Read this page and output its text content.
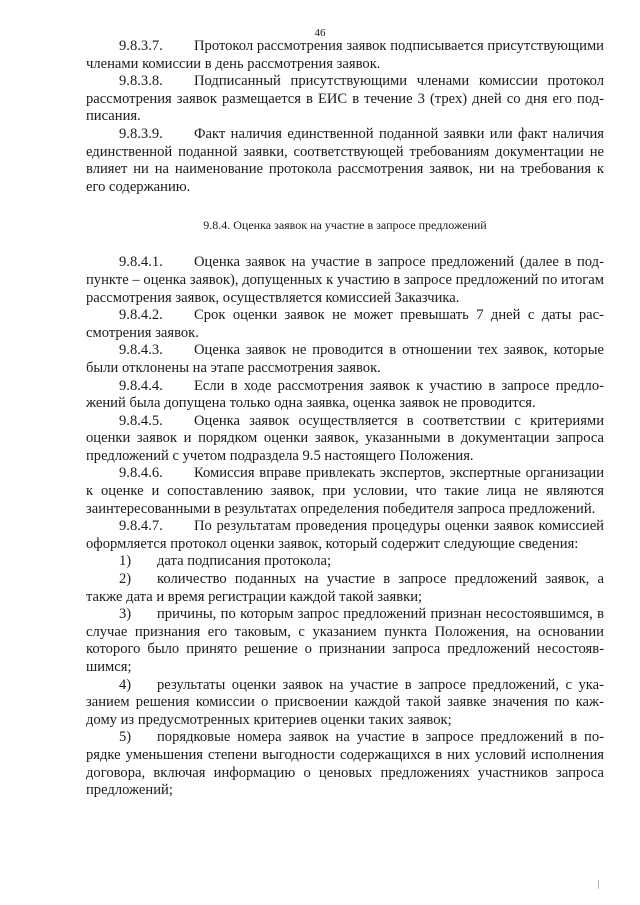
46

9.8.3.7. Протокол рассмотрения заявок подписывается присутствующими членами комиссии в день рассмотрения заявок.

9.8.3.8. Подписанный присутствующими членами комиссии протокол рассмотрения заявок размещается в ЕИС в течение 3 (трех) дней со дня его подписания.

9.8.3.9. Факт наличия единственной поданной заявки или факт наличия единственной поданной заявки, соответствующей требованиям документации не влияет ни на наименование протокола рассмотрения заявок, ни на требования к его содержанию.

9.8.4. Оценка заявок на участие в запросе предложений

9.8.4.1. Оценка заявок на участие в запросе предложений (далее в подпункте – оценка заявок), допущенных к участию в запросе предложений по итогам рассмотрения заявок, осуществляется комиссией Заказчика.

9.8.4.2. Срок оценки заявок не может превышать 7 дней с даты рассмотрения заявок.

9.8.4.3. Оценка заявок не проводится в отношении тех заявок, которые были отклонены на этапе рассмотрения заявок.

9.8.4.4. Если в ходе рассмотрения заявок к участию в запросе предложений была допущена только одна заявка, оценка заявок не проводится.

9.8.4.5. Оценка заявок осуществляется в соответствии с критериями оценки заявок и порядком оценки заявок, указанными в документации запроса предложений с учетом подраздела 9.5 настоящего Положения.

9.8.4.6. Комиссия вправе привлекать экспертов, экспертные организации к оценке и сопоставлению заявок, при условии, что такие лица не являются заинтересованными в результатах определения победителя запроса предложений.

9.8.4.7. По результатам проведения процедуры оценки заявок комиссией оформляется протокол оценки заявок, который содержит следующие сведения:

1) дата подписания протокола;

2) количество поданных на участие в запросе предложений заявок, а также дата и время регистрации каждой такой заявки;

3) причины, по которым запрос предложений признан несостоявшимся, в случае признания его таковым, с указанием пункта Положения, на основании которого было принято решение о признании запроса предложений несостоявшимся;

4) результаты оценки заявок на участие в запросе предложений, с указанием решения комиссии о присвоении каждой такой заявке значения по каждому из предусмотренных критериев оценки таких заявок;

5) порядковые номера заявок на участие в запросе предложений в порядке уменьшения степени выгодности содержащихся в них условий исполнения договора, включая информацию о ценовых предложениях участников запроса предложений;
